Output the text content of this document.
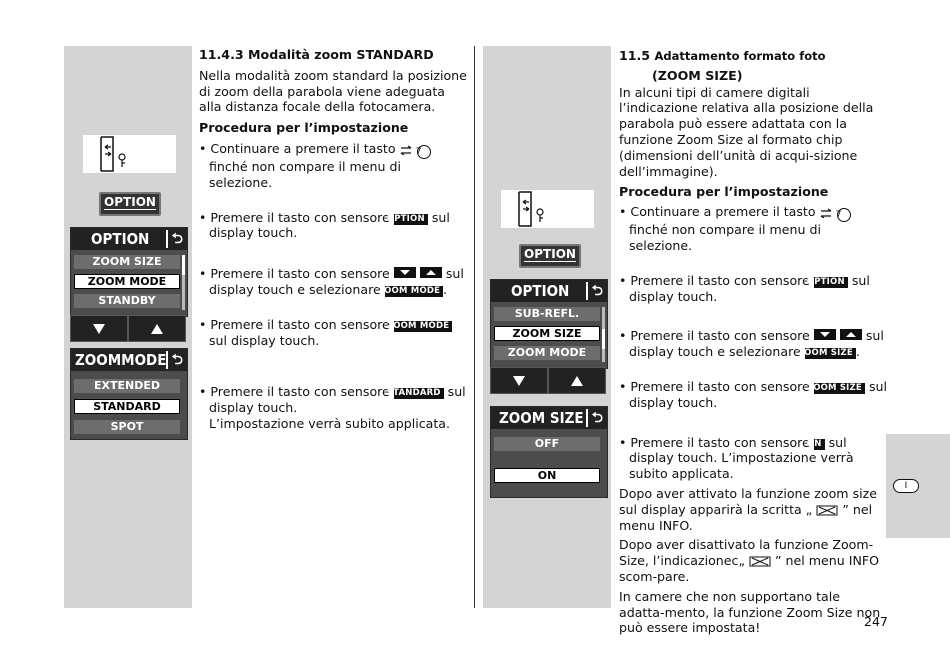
OPTION
OPTION	⮌
ZOOM SIZE
ZOOM MODE
STANDBY
ZOOMMODE ⮌
EXTENDED
STANDARD
SPOT

11.4.3 Modalità zoom STANDARD

Nella modalità zoom standard la posizione di zoom della parabola viene adeguata alla distanza focale della fotocamera.

Procedura per l’impostazione

• Continuare a premere il tasto 7 finché non compare il menu di selezione.

• Premere il tasto con sensore OPTION sul display touch.

• Premere il tasto con sensore
	sul display touch e selezionare ZOOM MODE .

• Premere il tasto con sensore ZOOM MODE sul display touch.

• Premere il tasto con sensore STANDARD sul display touch.
L’impostazione verrà subito applicata.

OPTION
OPTION	⮌
SUB-REFL.
ZOOM SIZE
ZOOM MODE
ZOOM SIZE ⮌
OFF
ON

11.5 Adattamento formato foto

(ZOOM SIZE)

In alcuni tipi di camere digitali l’indicazione relativa alla posizione della parabola può essere adattata con la funzione Zoom Size al formato chip (dimensioni dell’unità di acqui-sizione dell’immagine).

Procedura per l’impostazione

• Continuare a premere il tasto 7 finché non compare il menu di selezione.

• Premere il tasto con sensore OPTION sul display touch.

• Premere il tasto con sensore
	sul display touch e selezionare ZOOM SIZE .

• Premere il tasto con sensore ZOOM SIZE sul display touch.

• Premere il tasto con sensore ON sul display touch. L’impostazione verrà subito applicata.

Dopo aver attivato la funzione zoom size sul display apparirà la scritta „ ” nel menu INFO.

Dopo aver disattivato la funzione Zoom-Size, l’indicazionec„ ” nel menu INFO scom-pare.

In camere che non supportano tale adatta-mento, la funzione Zoom Size non può essere impostata!

I
247
